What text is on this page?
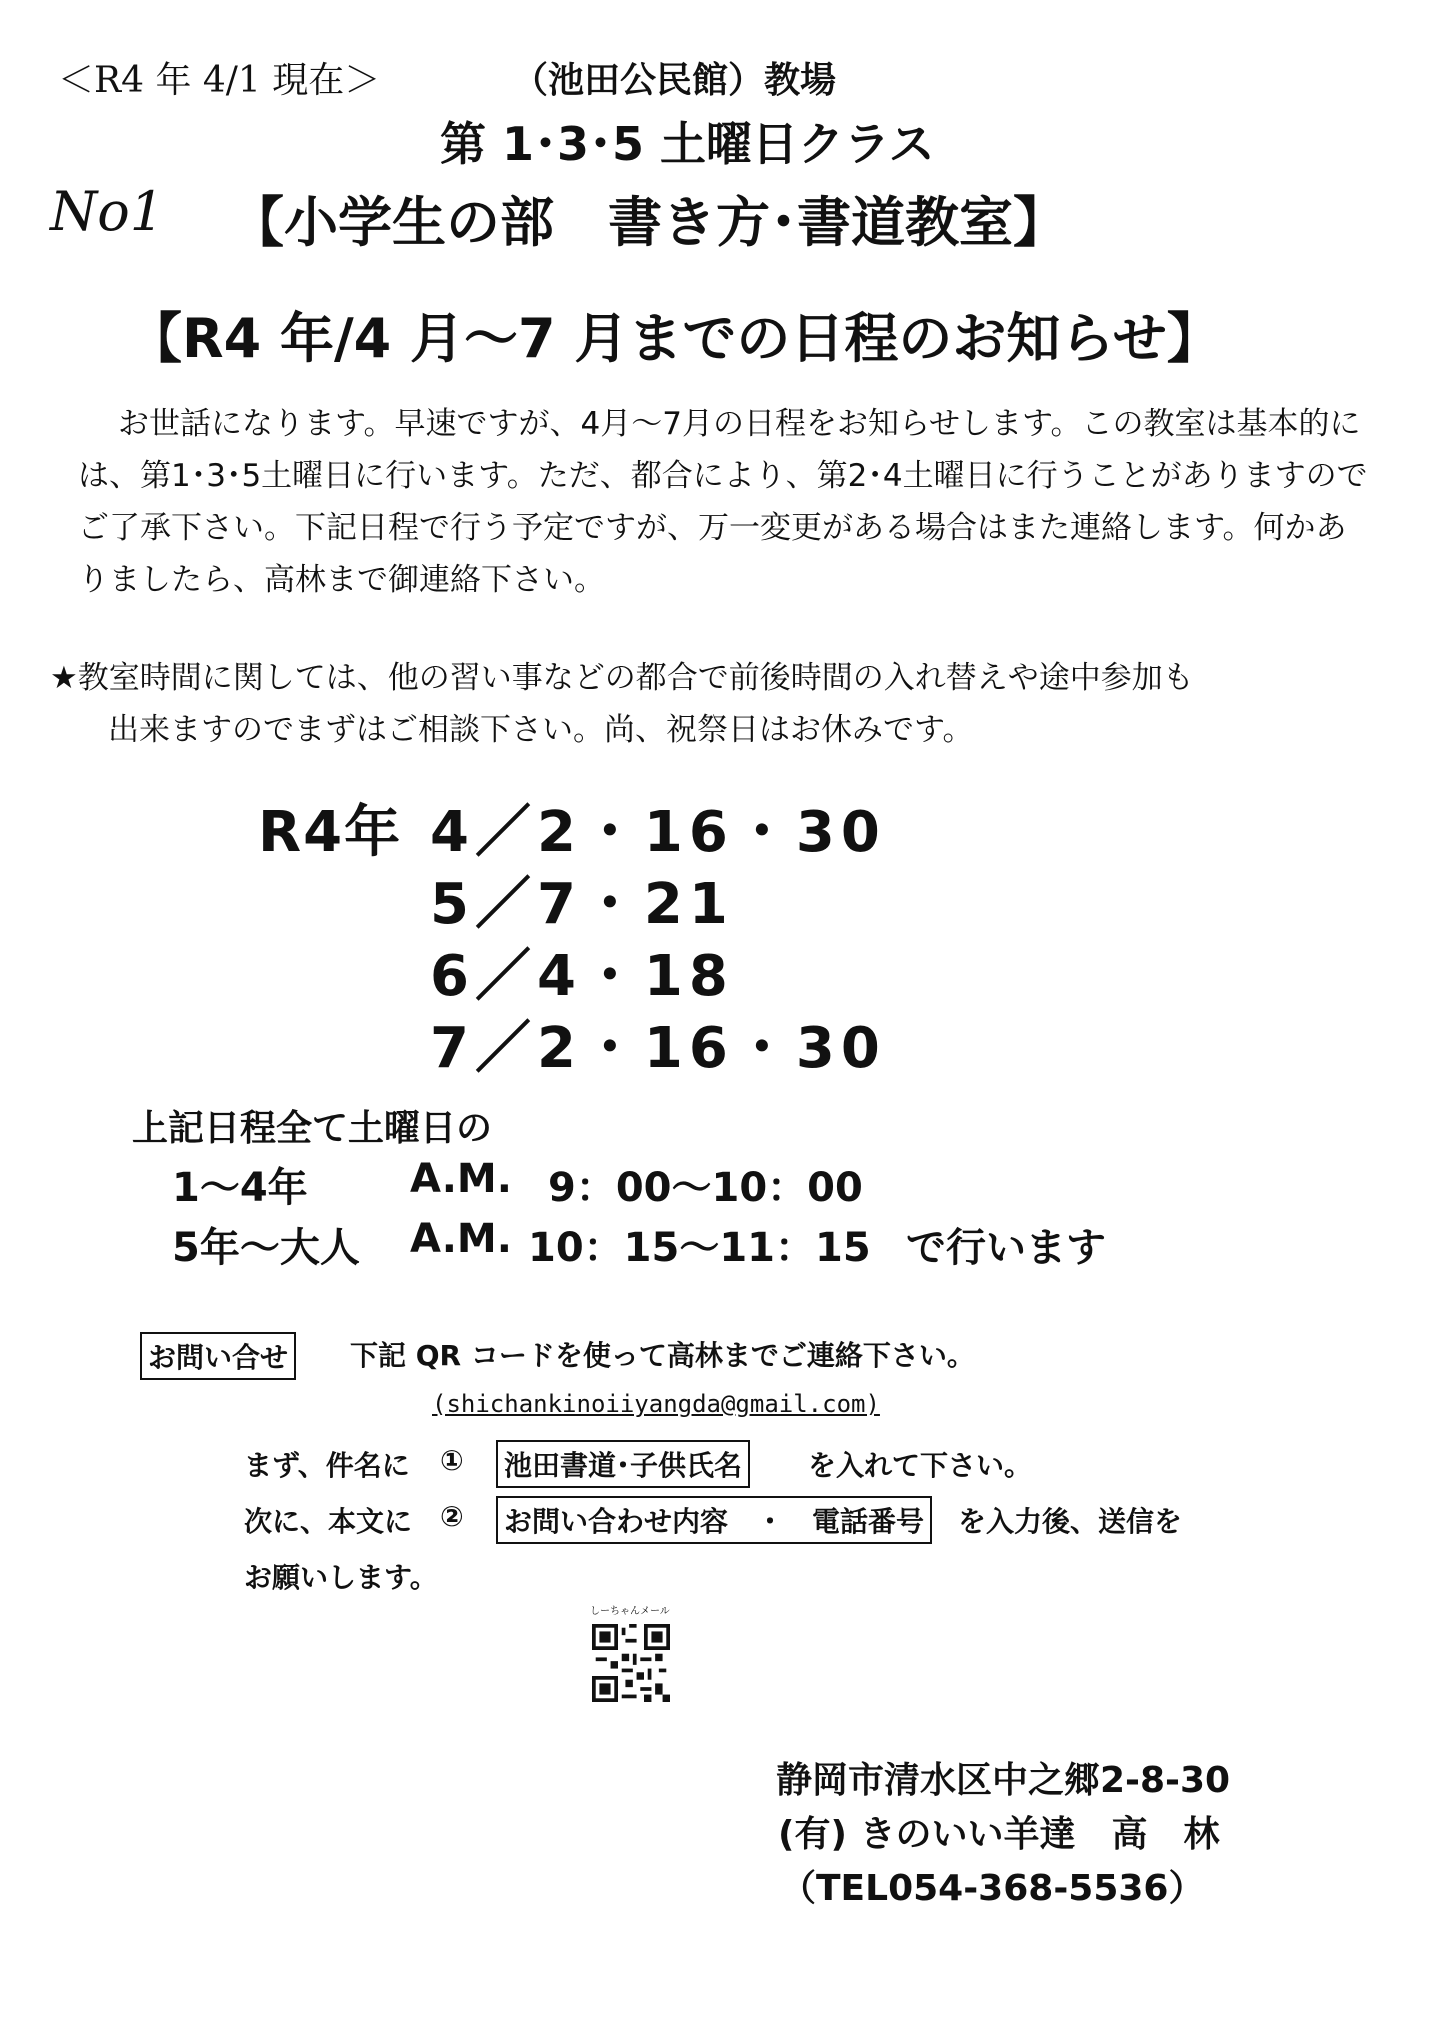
＜R4 年 4/1 現在＞	（池田公民館）教場
第 1･3･5 土曜日クラス
No1 【小学生の部　書き方･書道教室】
【R4 年/4 月～7 月までの日程のお知らせ】
お世話になります。早速ですが、4月～7月の日程をお知らせします。この教室は基本的には、第1･3･5土曜日に行います。ただ、都合により、第2･4土曜日に行うことがありますのでご了承下さい。下記日程で行う予定ですが、万一変更がある場合はまた連絡します。何かありましたら、高林まで御連絡下さい。
★教室時間に関しては、他の習い事などの都合で前後時間の入れ替えや途中参加も
出来ますのでまずはご相談下さい。尚、祝祭日はお休みです。
R4年 4／2・16・30
5／7・21
6／4・18
7／2・16・30
上記日程全て土曜日の
1～4年	A.M. 9：00～10：00
5年～大人 A.M. 10：15～11：15 で行います
お問い合せ 下記 QR コードを使って高林までご連絡下さい。
(shichankinoiiyangda@gmail.com)
まず、件名に ① 池田書道･子供氏名 を入れて下さい。
次に、本文に ② お問い合わせ内容　・　電話番号 を入力後、送信を
お願いします。
しーちゃんメール
静岡市清水区中之郷2-8-30
(有) きのいい羊達　高　林
（TEL054-368-5536）
